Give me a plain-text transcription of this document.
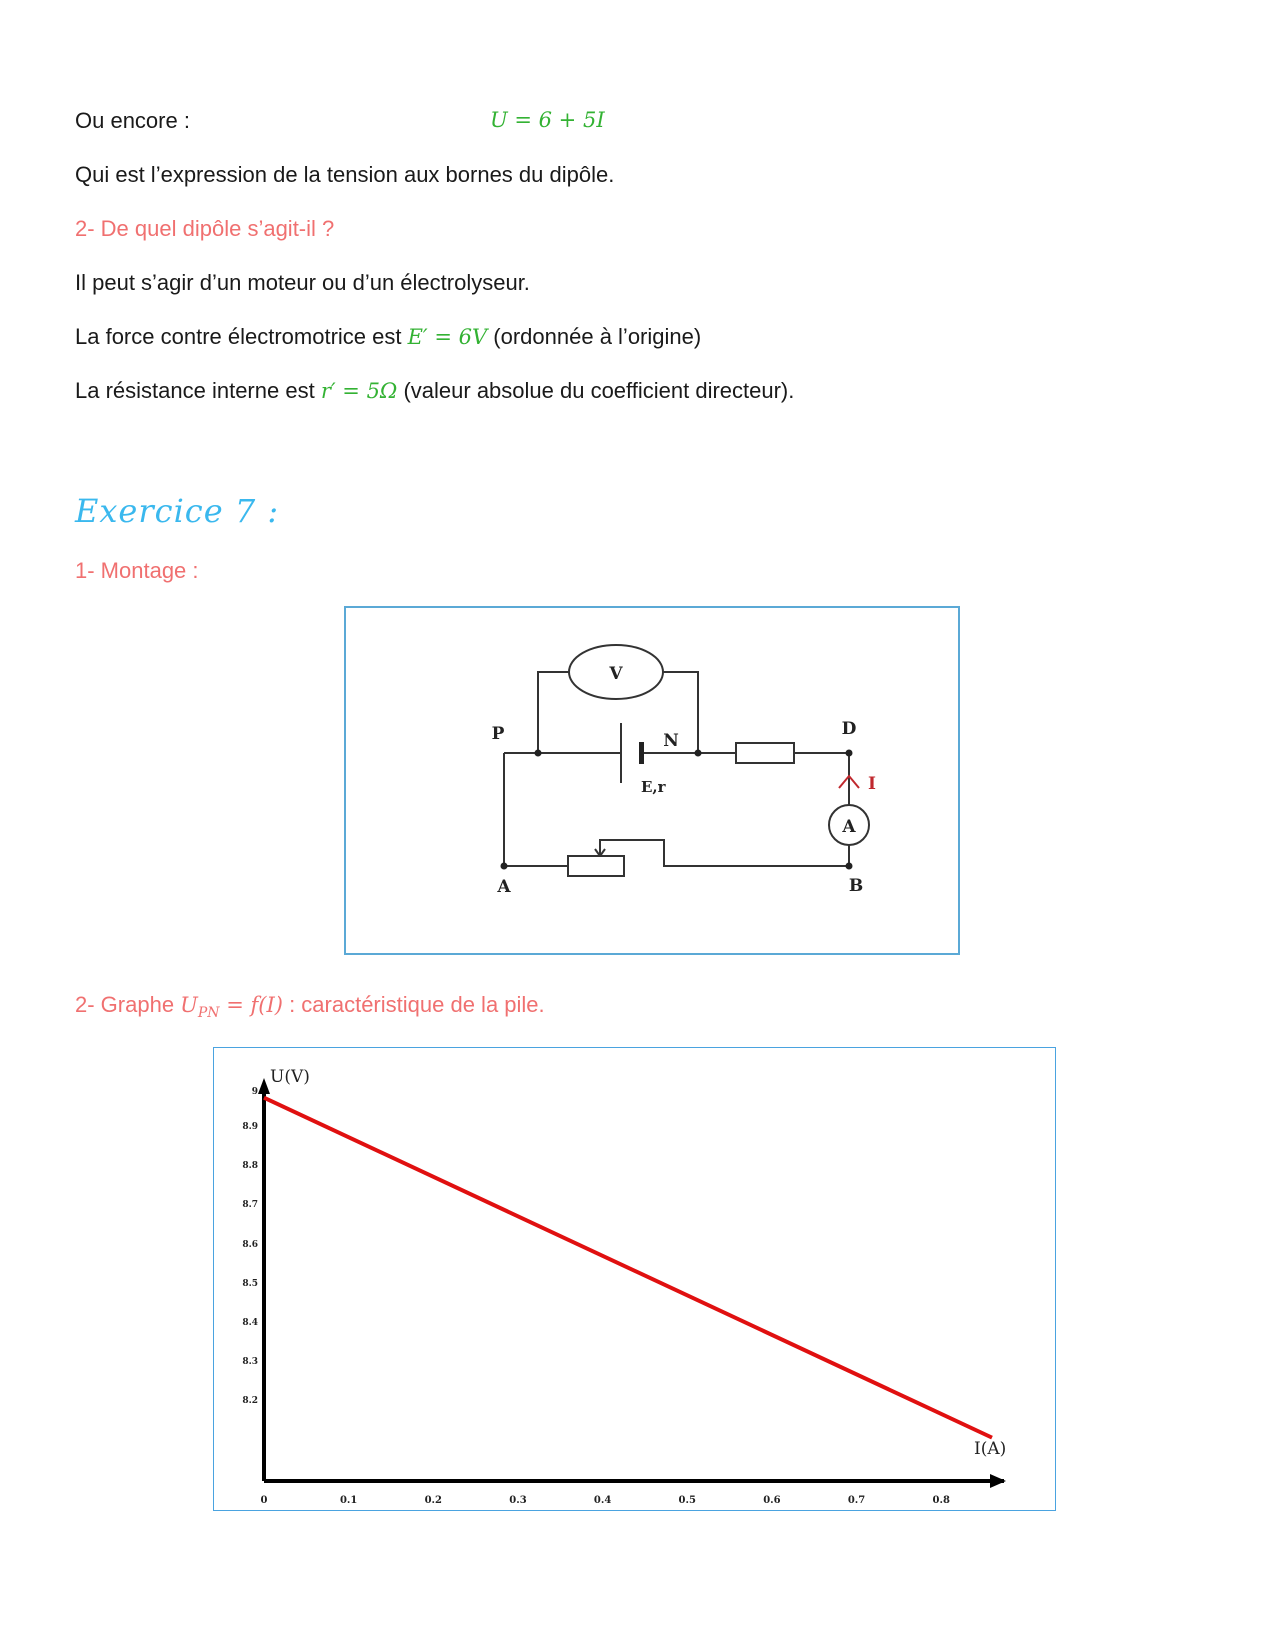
Ou encore :	U = 6 + 5I
Qui est l’expression de la tension aux bornes du dipôle.
2- De quel dipôle s’agit-il ?
Il peut s’agir d’un moteur ou d’un électrolyseur.
La force contre électromotrice est E′ = 6V (ordonnée à l’origine)
La résistance interne est r′ = 5Ω (valeur absolue du coefficient directeur).
Exercice 7 :
1- Montage :
V
A
P	N
D
A	B
E,r	I
2- Graphe $U_{PN} = f(I)$ : caractéristique de la pile.
U(V)
I(A)
0	0.1	0.2	0.3	0.4	0.5	0.6	0.7	0.8
9
8.9
8.8
8.7
8.6
8.5
8.4
8.3
8.2
